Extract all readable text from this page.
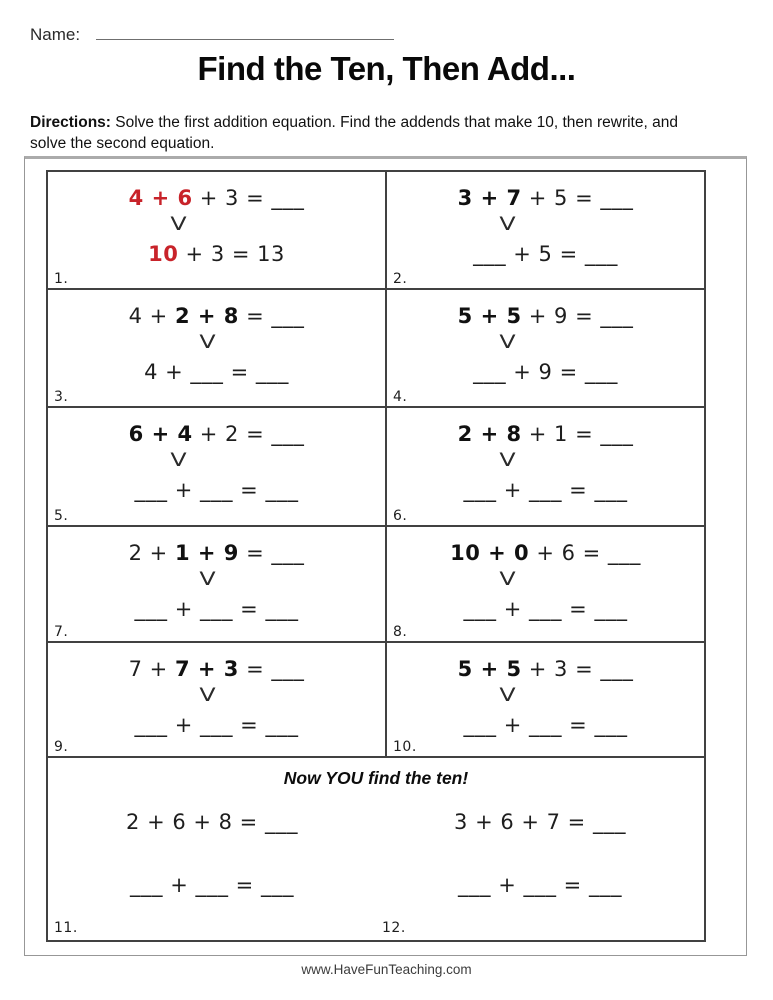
Name:
Find the Ten, Then Add...

Directions: Solve the first addition equation. Find the addends that make 10, then rewrite, and
solve the second equation.

4 + 6 + 3 = ___
V
10 + 3 = 13
1.
3 + 7 + 5 = ___
V
___ + 5 = ___
2.
4 + 2 + 8 = ___
V
4 + ___ = ___
3.
5 + 5 + 9 = ___
V
___ + 9 = ___
4.
6 + 4 + 2 = ___
V
___ + ___ = ___
5.
2 + 8 + 1 = ___
V
___ + ___ = ___
6.
2 + 1 + 9 = ___
V
___ + ___ = ___
7.
10 + 0 + 6 = ___
V
___ + ___ = ___
8.
7 + 7 + 3 = ___
V
___ + ___ = ___
9.
5 + 5 + 3 = ___
V
___ + ___ = ___
10.
Now YOU find the ten!
2 + 6 + 8 = ___
___ + ___ = ___
11.
3 + 6 + 7 = ___
___ + ___ = ___
12.
www.HaveFunTeaching.com
